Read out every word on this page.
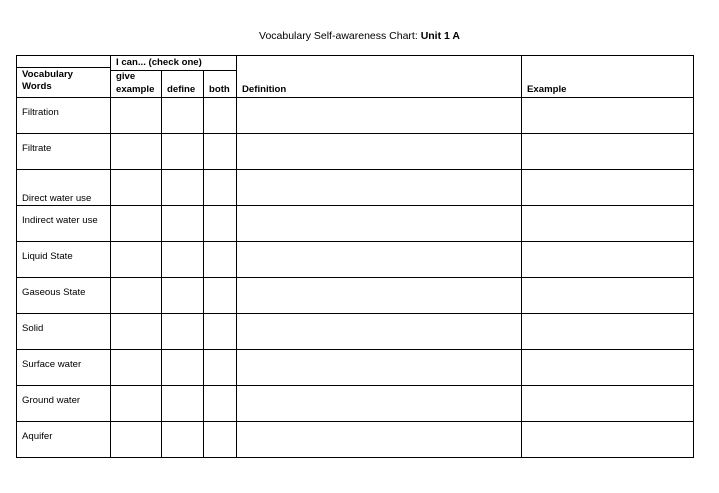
Vocabulary Self-awareness Chart: Unit 1 A
Vocabulary
Words
I can... (check one)
give
example define both Definition	Example
Filtration
Filtrate
Direct water use
Indirect water use
Liquid State
Gaseous State
Solid
Surface water
Ground water
Aquifer
